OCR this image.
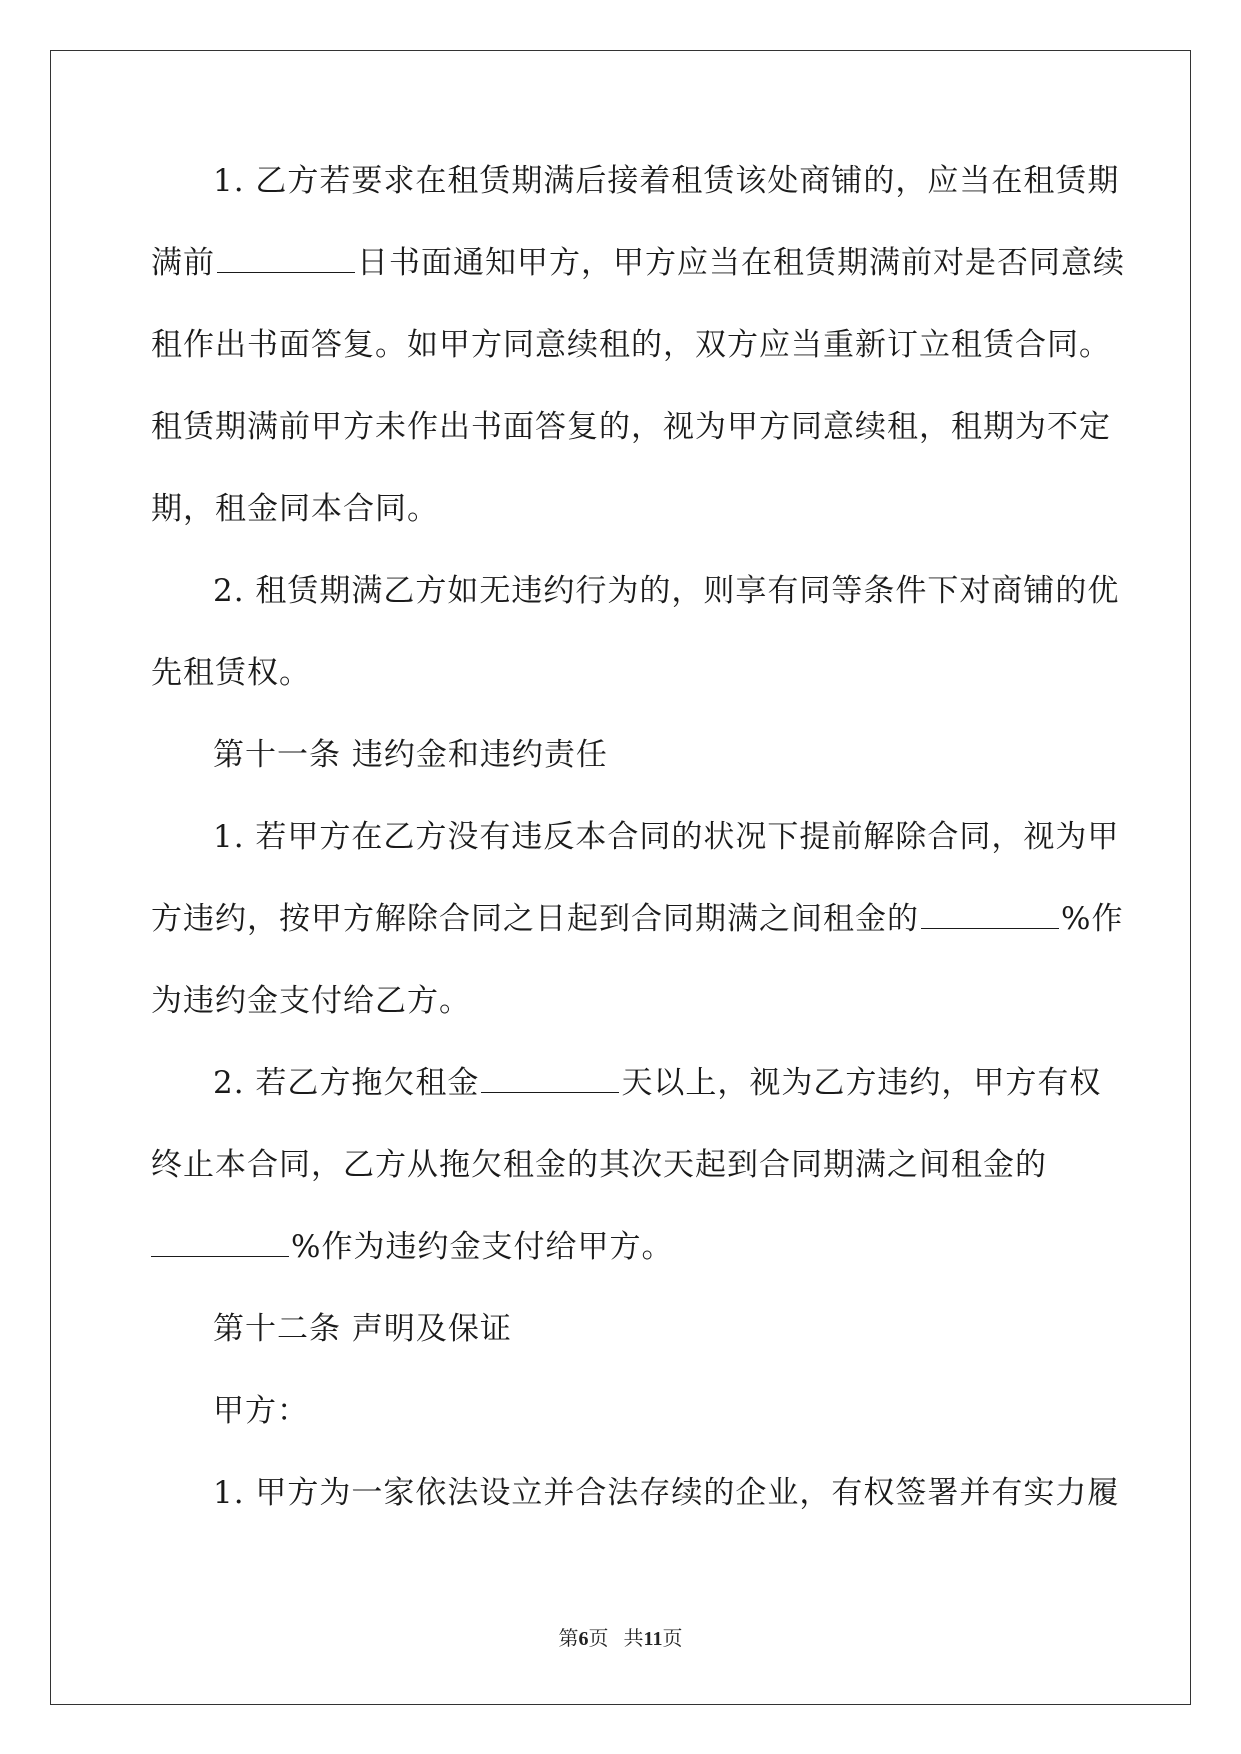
1. 乙方若要求在租赁期满后接着租赁该处商铺的，应当在租赁期
满前	日书面通知甲方，甲方应当在租赁期满前对是否同意续
租作出书面答复。如甲方同意续租的，双方应当重新订立租赁合同。
租赁期满前甲方未作出书面答复的，视为甲方同意续租，租期为不定
期，租金同本合同。
2. 租赁期满乙方如无违约行为的，则享有同等条件下对商铺的优
先租赁权。
第十一条 违约金和违约责任
1. 若甲方在乙方没有违反本合同的状况下提前解除合同，视为甲
方违约，按甲方解除合同之日起到合同期满之间租金的	%作
为违约金支付给乙方。
2. 若乙方拖欠租金	天以上，视为乙方违约，甲方有权
终止本合同，乙方从拖欠租金的其次天起到合同期满之间租金的
%作为违约金支付给甲方。
第十二条 声明及保证
甲方：
1. 甲方为一家依法设立并合法存续的企业，有权签署并有实力履
第6页   共11页
